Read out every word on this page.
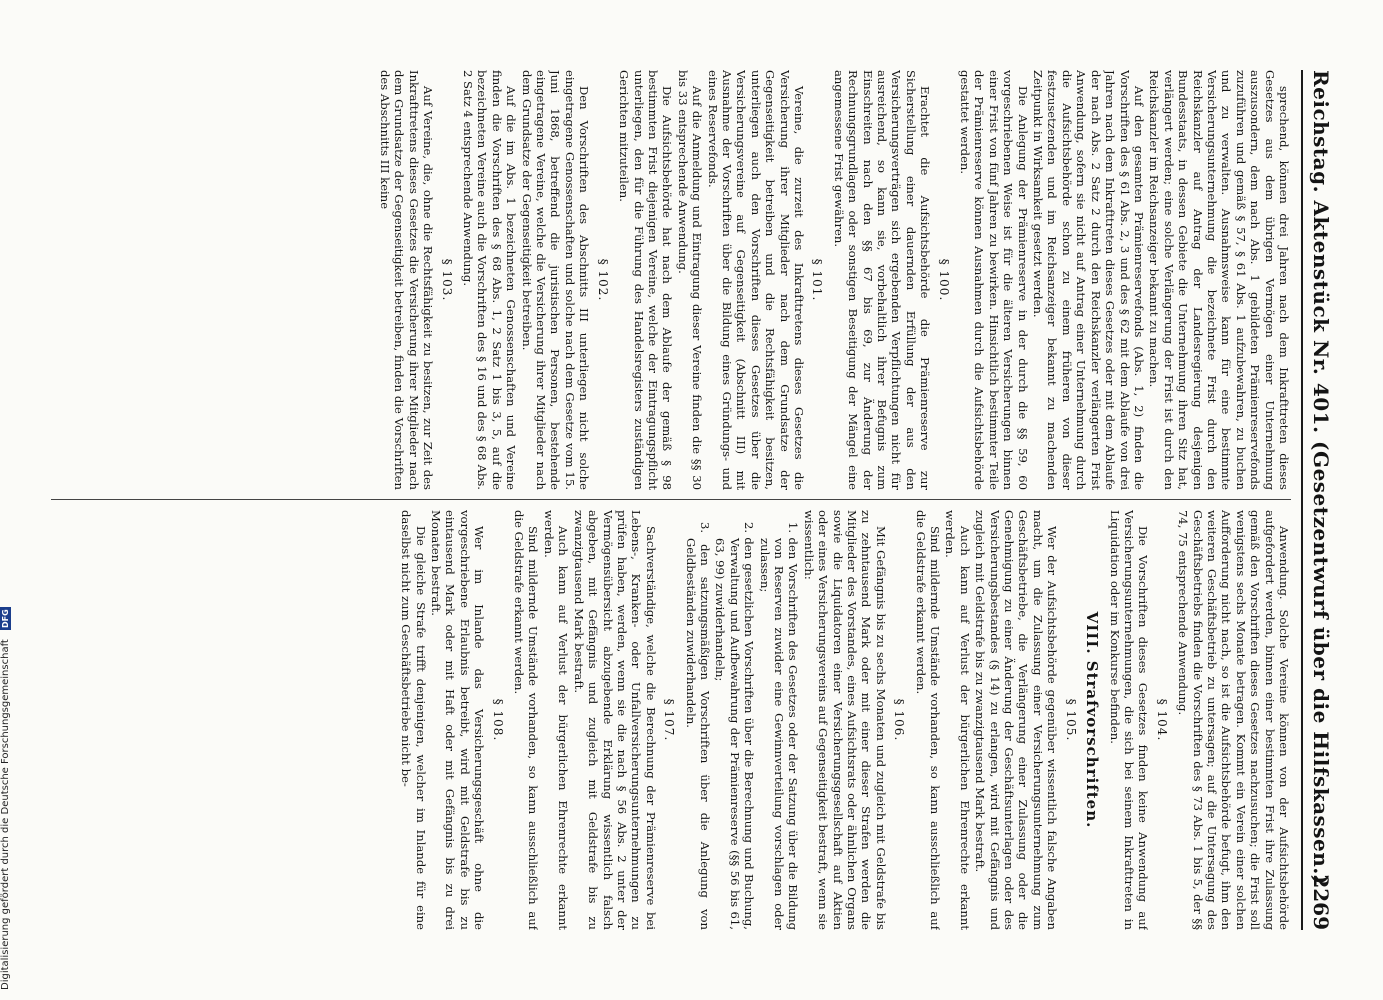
Reichstag. Aktenstück Nr. 401. (Gesetzentwurf über die Hilfskassen.)
2269
sprechend, können drei Jahren nach dem Inkrafttreten dieses Gesetzes aus dem übrigen Vermögen einer Unternehmung auszusondern, dem nach Abs. 1 gebildeten Prämienreservefonds zuzuführen und gemäß § 57, § 61 Abs. 1 aufzubewahren, zu buchen und zu verwalten. Ausnahmsweise kann für eine bestimmte Versicherungsunternehmung die bezeichnete Frist durch den Reichskanzler auf Antrag der Landesregierung desjenigen Bundesstaats, in dessen Gebiete die Unternehmung ihren Sitz hat, verlängert werden; eine solche Verlängerung der Frist ist durch den Reichskanzler im Reichsanzeiger bekannt zu machen.
Auf den gesamten Prämienreservefonds (Abs. 1, 2) finden die Vorschriften des § 61 Abs. 2, 3 und des § 62 mit dem Ablaufe von drei Jahren nach dem Inkrafttreten dieses Gesetzes oder mit dem Ablaufe der nach Abs. 2 Satz 2 durch den Reichskanzler verlängerten Frist Anwendung, sofern sie nicht auf Antrag einer Unternehmung durch die Aufsichtsbehörde schon zu einem früheren von dieser festzusetzenden und im Reichsanzeiger bekannt zu machenden Zeitpunkt in Wirksamkeit gesetzt werden.
Die Anlegung der Prämienreserve in der durch die §§ 59, 60 vorgeschriebenen Weise ist für die älteren Versicherungen binnen einer Frist von fünf Jahren zu bewirken. Hinsichtlich bestimmter Teile der Prämienreserve können Ausnahmen durch die Aufsichtsbehörde gestattet werden.
§ 100.
Erachtet die Aufsichtsbehörde die Prämienreserve zur Sicherstellung einer dauernden Erfüllung der aus den Versicherungsverträgen sich ergebenden Verpflichtungen nicht für ausreichend, so kann sie, vorbehaltlich ihrer Befugnis zum Einschreiten nach den §§ 67 bis 69, zur Änderung der Rechnungsgrundlagen oder sonstigen Beseitigung der Mängel eine angemessene Frist gewähren.
§ 101.
Vereine, die zurzeit des Inkrafttretens dieses Gesetzes die Versicherung ihrer Mitglieder nach dem Grundsatze der Gegenseitigkeit betreiben und die Rechtsfähigkeit besitzen, unterliegen auch den Vorschriften dieses Gesetzes über die Versicherungsvereine auf Gegenseitigkeit (Abschnitt III) mit Ausnahme der Vorschriften über die Bildung eines Gründungs- und eines Reservefonds.
Auf die Anmeldung und Eintragung dieser Vereine finden die §§ 30 bis 33 entsprechende Anwendung.
Die Aufsichtsbehörde hat nach dem Ablaufe der gemäß § 98 bestimmten Frist diejenigen Vereine, welche der Eintragungspflicht unterliegen, den für die Führung des Handelsregisters zuständigen Gerichten mitzuteilen.
§ 102.
Den Vorschriften des Abschnitts III unterliegen nicht solche eingetragene Genossenschaften und solche nach dem Gesetze vom 15. Juni 1868, betreffend die juristischen Personen, bestehende eingetragene Vereine, welche die Versicherung ihrer Mitglieder nach dem Grundsatze der Gegenseitigkeit betreiben.
Auf die im Abs. 1 bezeichneten Genossenschaften und Vereine finden die Vorschriften des § 68 Abs. 1, 2 Satz 1 bis 3, 5, auf die bezeichneten Vereine auch die Vorschriften des § 16 und des § 68 Abs. 2 Satz 4 entsprechende Anwendung.
§ 103.
Auf Vereine, die, ohne die Rechtsfähigkeit zu besitzen, zur Zeit des Inkrafttretens dieses Gesetzes die Versicherung ihrer Mitglieder nach dem Grundsatze der Gegenseitigkeit betreiben, finden die Vorschriften des Abschnitts III keine
Anwendung. Solche Vereine können von der Aufsichtsbehörde aufgefordert werden, binnen einer bestimmten Frist ihre Zulassung gemäß den Vorschriften dieses Gesetzes nachzusuchen; die Frist soll wenigstens sechs Monate betragen. Kommt ein Verein einer solchen Aufforderung nicht nach, so ist die Aufsichtsbehörde befugt, ihm den weiteren Geschäftsbetrieb zu untersagen; auf die Untersagung des Geschäftsbetriebs finden die Vorschriften des § 73 Abs. 1 bis 5, der §§ 74, 75 entsprechende Anwendung.
§ 104.
Die Vorschriften dieses Gesetzes finden keine Anwendung auf Versicherungsunternehmungen, die sich bei seinem Inkrafttreten in Liquidation oder im Konkurse befinden.
VIII. Strafvorschriften.
§ 105.
Wer der Aufsichtsbehörde gegenüber wissentlich falsche Angaben macht, um die Zulassung einer Versicherungsunternehmung zum Geschäftsbetriebe, die Verlängerung einer Zulassung oder die Genehmigung zu einer Änderung der Geschäftsunterlagen oder des Versicherungsbestandes (§ 14) zu erlangen, wird mit Gefängnis und zugleich mit Geldstrafe bis zu zwanzigtausend Mark bestraft.
Auch kann auf Verlust der bürgerlichen Ehrenrechte erkannt werden.
Sind mildernde Umstände vorhanden, so kann ausschließlich auf die Geldstrafe erkannt werden.
§ 106.
Mit Gefängnis bis zu sechs Monaten und zugleich mit Geldstrafe bis zu zehntausend Mark oder mit einer dieser Strafen werden die Mitglieder des Vorstandes, eines Aufsichtsrats oder ähnlichen Organs sowie die Liquidatoren einer Versicherungsgesellschaft auf Aktien oder eines Versicherungsvereins auf Gegenseitigkeit bestraft, wenn sie wissentlich:
1. den Vorschriften des Gesetzes oder der Satzung über die Bildung von Reserven zuwider eine Gewinnverteilung vorschlagen oder zulassen;
2. den gesetzlichen Vorschriften über die Berechnung und Buchung, Verwaltung und Aufbewahrung der Prämienreserve (§§ 56 bis 61, 63, 99) zuwiderhandeln;
3. den satzungsmäßigen Vorschriften über die Anlegung von Geldbeständen zuwiderhandeln.
§ 107.
Sachverständige, welche die Berechnung der Prämienreserve bei Lebens-, Kranken- oder Unfallversicherungsunternehmungen zu prüfen haben, werden, wenn sie die nach § 56 Abs. 2 unter der Vermögensübersicht abzugebende Erklärung wissentlich falsch abgeben, mit Gefängnis und zugleich mit Geldstrafe bis zu zwanzigtausend Mark bestraft.
Auch kann auf Verlust der bürgerlichen Ehrenrechte erkannt werden.
Sind mildernde Umstände vorhanden, so kann ausschließlich auf die Geldstrafe erkannt werden.
§ 108.
Wer im Inlande das Versicherungsgeschäft ohne die vorgeschriebene Erlaubnis betreibt, wird mit Geldstrafe bis zu eintausend Mark oder mit Haft oder mit Gefängnis bis zu drei Monaten bestraft.
Die gleiche Strafe trifft denjenigen, welcher im Inlande für eine daselbst nicht zum Geschäftsbetriebe nicht be-
Digitalisierung gefördert durch die Deutsche Forschungsgemeinschaft DFG
